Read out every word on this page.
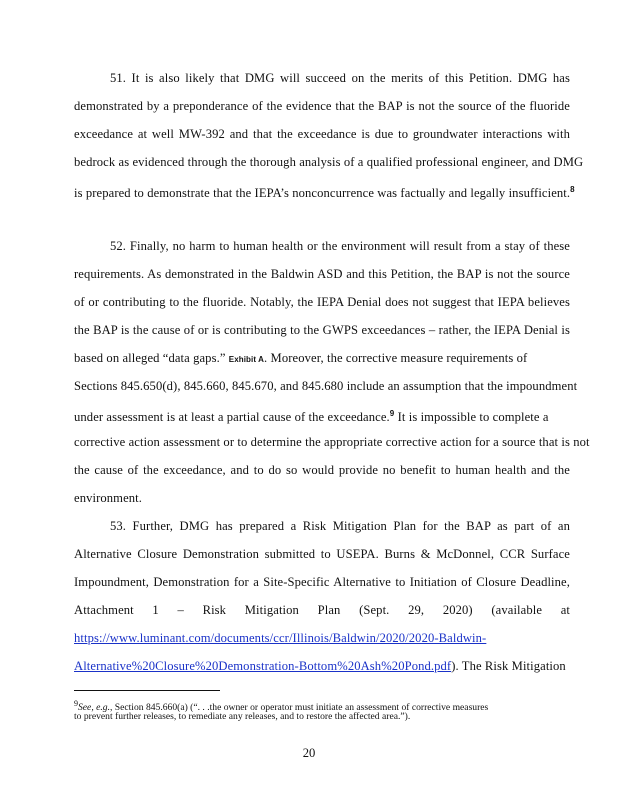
51. It is also likely that DMG will succeed on the merits of this Petition. DMG has
demonstrated by a preponderance of the evidence that the BAP is not the source of the fluoride
exceedance at well MW-392 and that the exceedance is due to groundwater interactions with
bedrock as evidenced through the thorough analysis of a qualified professional engineer, and DMG
is prepared to demonstrate that the IEPA’s nonconcurrence was factually and legally insufficient.$^8$

52. Finally, no harm to human health or the environment will result from a stay of these
requirements. As demonstrated in the Baldwin ASD and this Petition, the BAP is not the source
of or contributing to the fluoride. Notably, the IEPA Denial does not suggest that IEPA believes
the BAP is the cause of or is contributing to the GWPS exceedances – rather, the IEPA Denial is
based on alleged “data gaps.” Exhibit A. Moreover, the corrective measure requirements of
Sections 845.650(d), 845.660, 845.670, and 845.680 include an assumption that the impoundment
under assessment is at least a partial cause of the exceedance.$^9$ It is impossible to complete a
corrective action assessment or to determine the appropriate corrective action for a source that is not
the cause of the exceedance, and to do so would provide no benefit to human health and the
environment.
53. Further, DMG has prepared a Risk Mitigation Plan for the BAP as part of an
Alternative Closure Demonstration submitted to USEPA. Burns & McDonnel, CCR Surface
Impoundment, Demonstration for a Site-Specific Alternative to Initiation of Closure Deadline,
Attachment 1 – Risk Mitigation Plan (Sept. 29, 2020) (available at
https://www.luminant.com/documents/ccr/Illinois/Baldwin/2020/2020-Baldwin-
Alternative%20Closure%20Demonstration-Bottom%20Ash%20Pond.pdf). The Risk Mitigation
$^9$See, e.g., Section 845.660(a) (“. . .the owner or operator must initiate an assessment of corrective measures
to prevent further releases, to remediate any releases, and to restore the affected area.”).
20
